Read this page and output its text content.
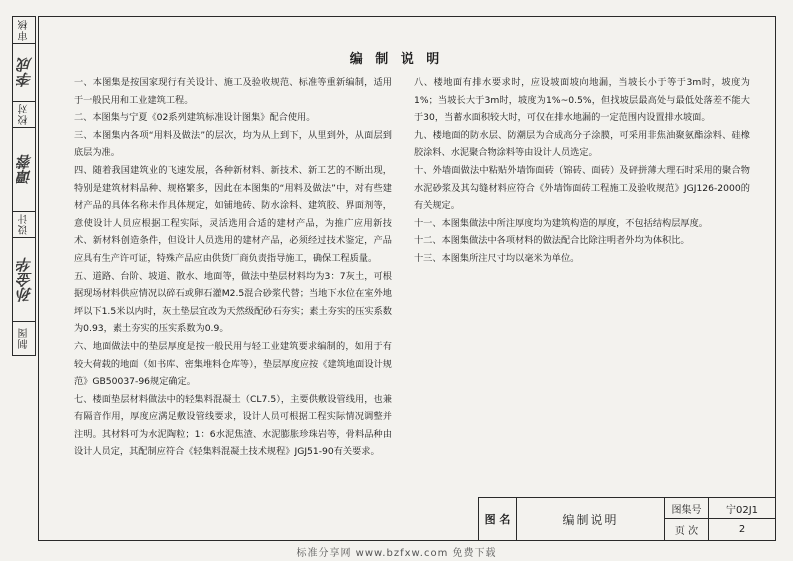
审核
李成
校对
谭蓉
设计
孙金华
制图
编 制 说 明

一、本图集是按国家现行有关设计、施工及验收规范、标准等重新编制，适用于一般民用和工业建筑工程。

二、本图集与宁夏《02系列建筑标准设计图集》配合使用。

三、本图集内各项“用料及做法”的层次，均为从上到下，从里到外，从面层到底层为准。

四、随着我国建筑业的飞速发展，各种新材料、新技术、新工艺的不断出现，特别是建筑材料品种、规格繁多，因此在本图集的“用料及做法”中，对有些建材产品的具体名称未作具体规定，如铺地砖、防水涂料、建筑胶、界面剂等，意使设计人员应根据工程实际，灵活选用合适的建材产品，为推广应用新技术、新材料创造条件，但设计人员选用的建材产品，必须经过技术鉴定，产品应具有生产许可证，特殊产品应由供货厂商负责指导施工，确保工程质量。

五、道路、台阶、坡道、散水、地面等，做法中垫层材料均为3：7灰土，可根据现场材料供应情况以碎石或卵石灌M2.5混合砂浆代替；当地下水位在室外地坪以下1.5米以内时，灰土垫层宜改为天然级配砂石夯实；素土夯实的压实系数为0.93，素土夯实的压实系数为0.9。

六、地面做法中的垫层厚度是按一般民用与轻工业建筑要求编制的，如用于有较大荷载的地面（如书库、密集堆料仓库等），垫层厚度应按《建筑地面设计规范》GB50037-96规定确定。

七、楼面垫层材料做法中的轻集料混凝土（CL7.5），主要供敷设管线用，也兼有隔音作用，厚度应满足敷设管线要求，设计人员可根据工程实际情况调整并注明。其材料可为水泥陶粒；1：6水泥焦渣、水泥膨胀珍珠岩等，骨料品种由设计人员定，其配制应符合《轻集料混凝土技术规程》JGJ51-90有关要求。

八、楼地面有排水要求时，应设坡面坡向地漏，当坡长小于等于3m时，坡度为1%；当坡长大于3m时，坡度为1%~0.5%，但找坡层最高处与最低处落差不能大于30，当蓄水面积较大时，可仅在排水地漏的一定范围内设置排水坡面。

九、楼地面的防水层、防潮层为合成高分子涂膜，可采用非焦油聚氨酯涂料、硅橡胶涂料、水泥聚合物涂料等由设计人员选定。

十、外墙面做法中粘贴外墙饰面砖（锦砖、面砖）及砰拼薄大理石时采用的聚合物水泥砂浆及其勾缝材料应符合《外墙饰面砖工程施工及验收规范》JGJ126-2000的有关规定。

十一、本图集做法中所注厚度均为建筑构造的厚度，不包括结构层厚度。

十二、本图集做法中各项材料的做法配合比除注明者外均为体积比。

十三、本图集所注尺寸均以毫米为单位。

图 名	编制说明
图集号	宁02J1
页 次	2
标准分享网 www.bzfxw.com 免费下载
